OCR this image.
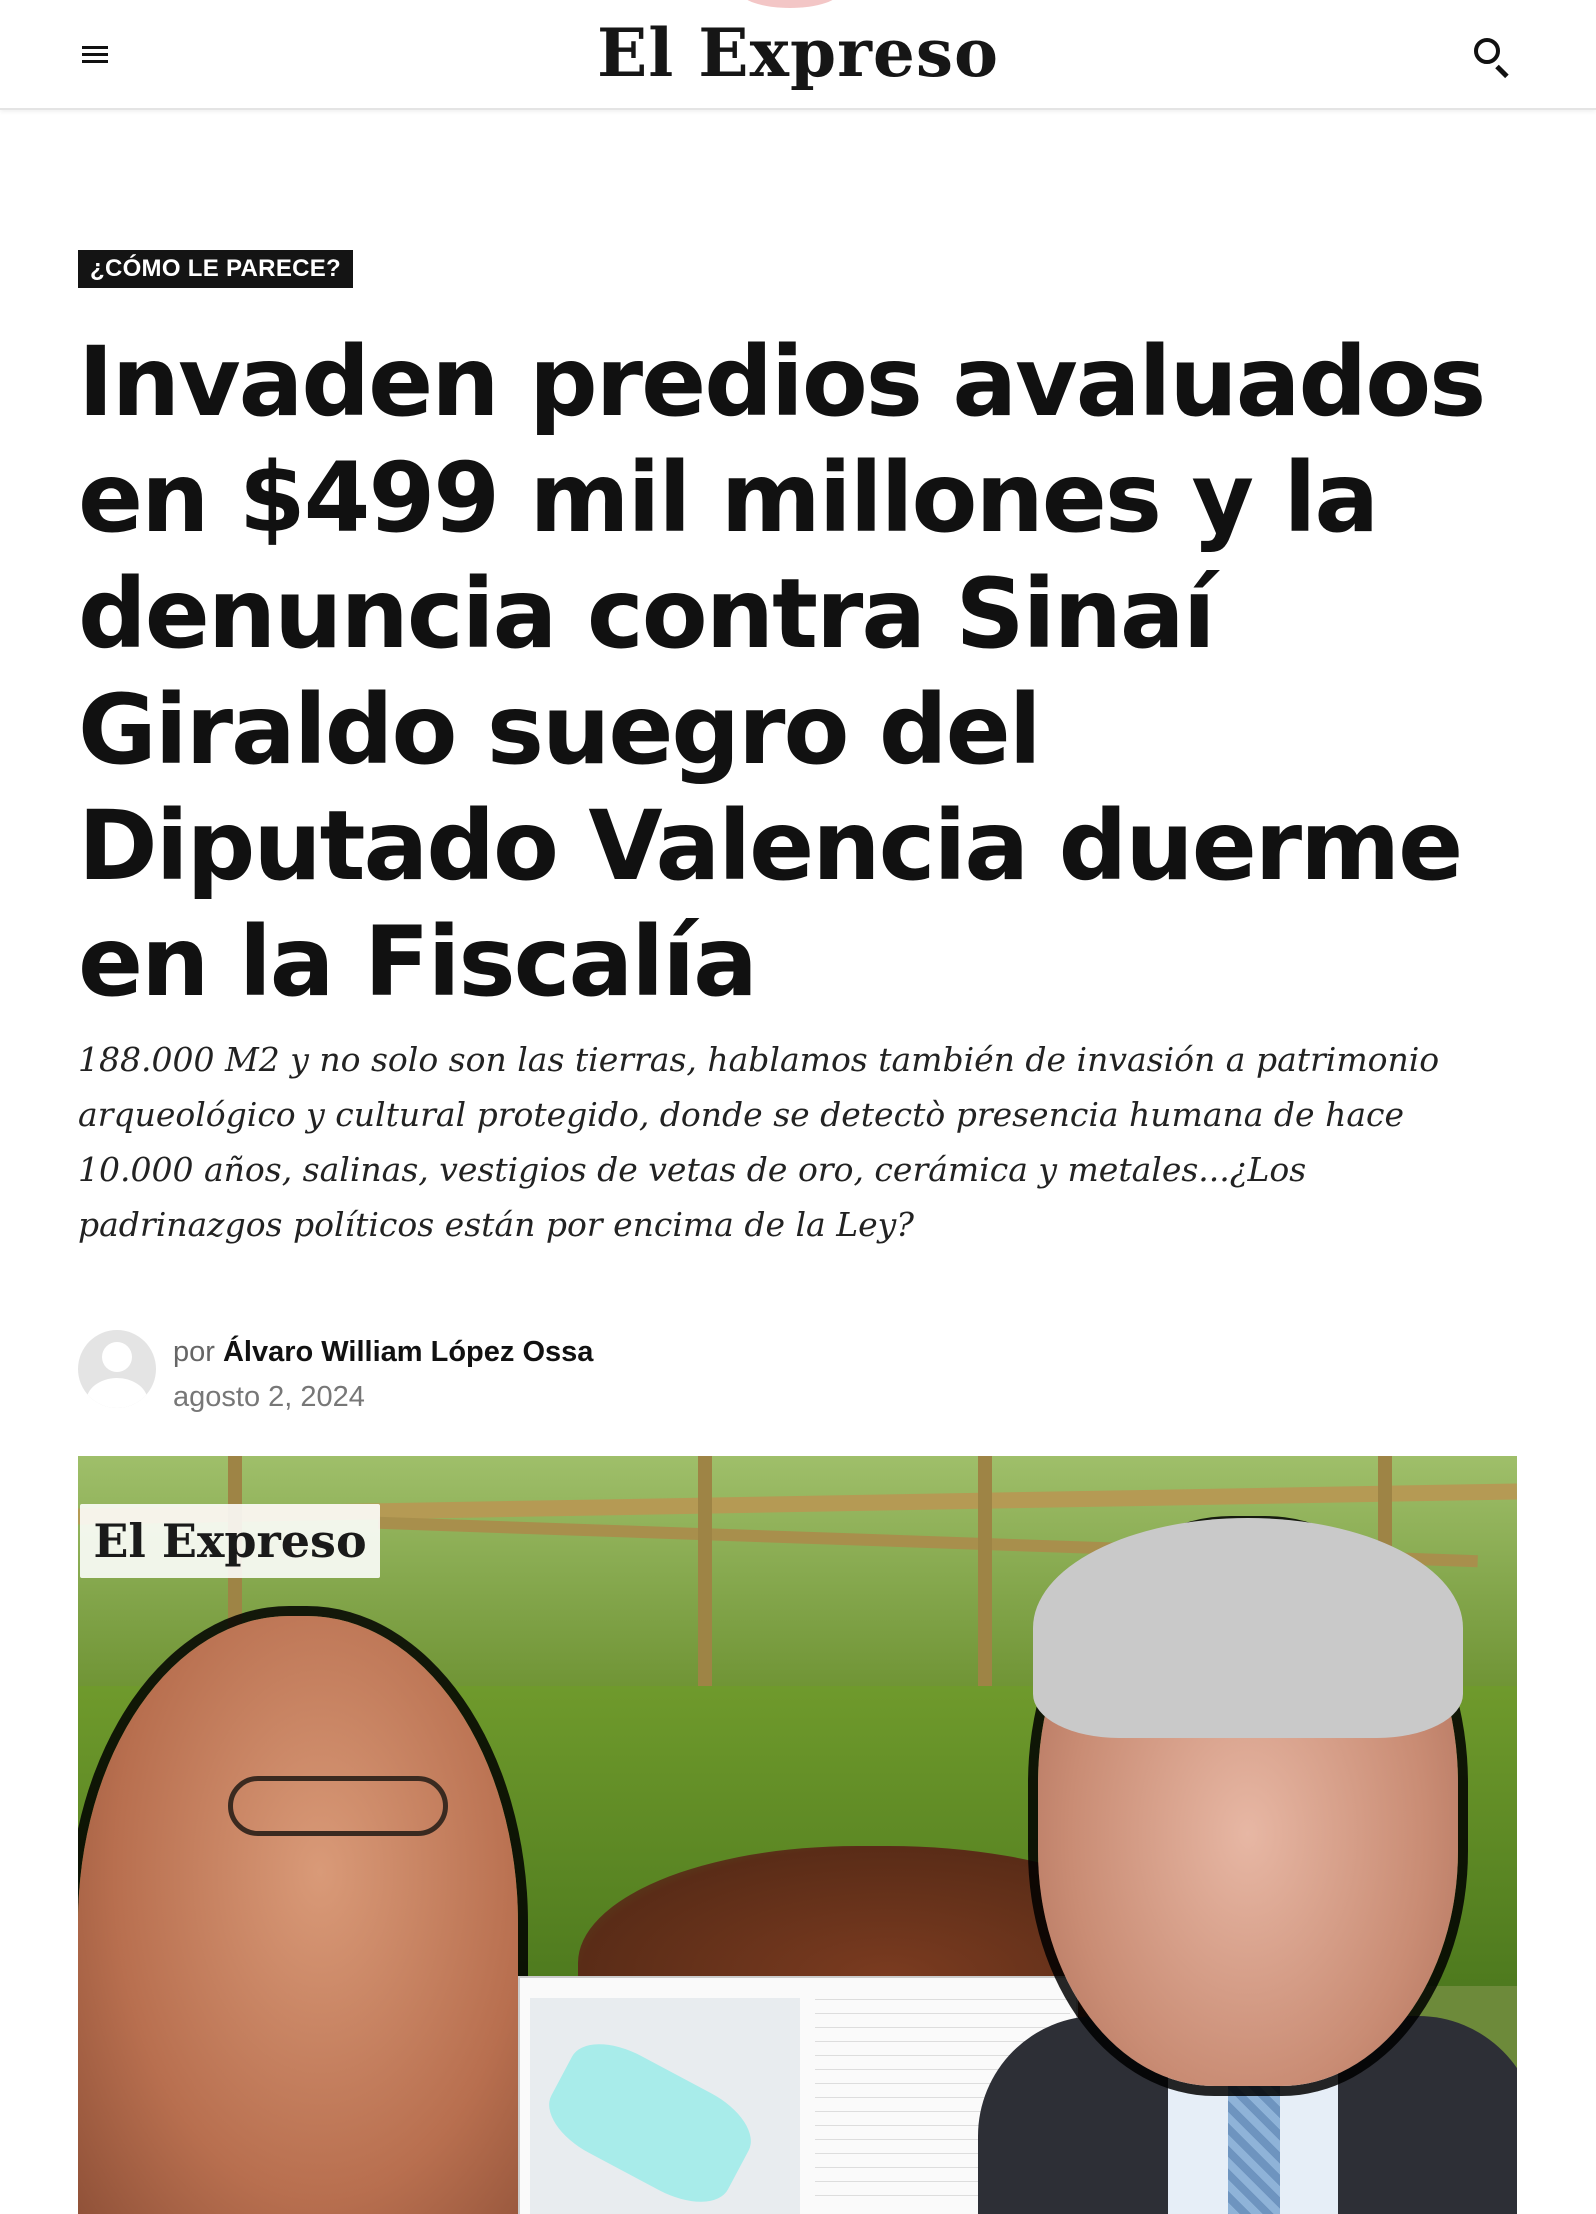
El Expreso
¿CÓMO LE PARECE?
Invaden predios avaluados en $499 mil millones y la denuncia contra Sinaí Giraldo suegro del Diputado Valencia duerme en la Fiscalía

188.000 M2 y no solo son las tierras, hablamos también de invasión a patrimonio arqueológico y cultural protegido, donde se detectò presencia humana de hace 10.000 años, salinas, vestigios de vetas de oro, cerámica y metales...¿Los padrinazgos políticos están por encima de la Ley?

por Álvaro William López Ossa
agosto 2, 2024
El Expreso
